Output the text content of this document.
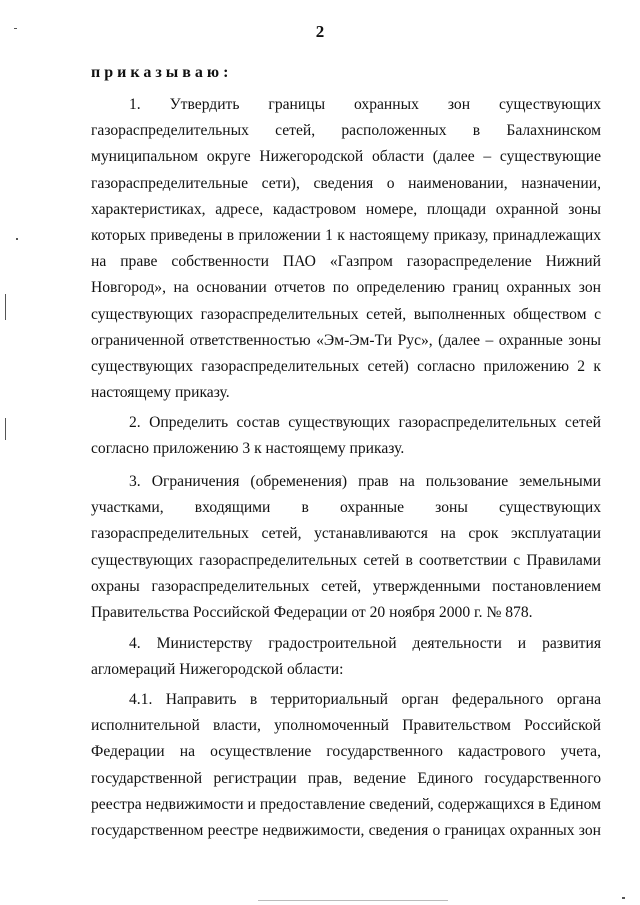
2
приказываю:
1. Утвердить границы охранных зон существующих
газораспределительных сетей, расположенных в Балахнинском
муниципальном округе Нижегородской области (далее – существующие
газораспределительные сети), сведения о наименовании, назначении,
характеристиках, адресе, кадастровом номере, площади охранной зоны
которых приведены в приложении 1 к настоящему приказу, принадлежащих
на праве собственности ПАО «Газпром газораспределение Нижний
Новгород», на основании отчетов по определению границ охранных зон
существующих газораспределительных сетей, выполненных обществом с
ограниченной ответственностью «Эм-Эм-Ти Рус», (далее – охранные зоны
существующих газораспределительных сетей) согласно приложению 2 к
настоящему приказу.
2. Определить состав существующих газораспределительных сетей
согласно приложению 3 к настоящему приказу.
3. Ограничения (обременения) прав на пользование земельными
участками, входящими в охранные зоны существующих
газораспределительных сетей, устанавливаются на срок эксплуатации
существующих газораспределительных сетей в соответствии с Правилами
охраны газораспределительных сетей, утвержденными постановлением
Правительства Российской Федерации от 20 ноября 2000 г. № 878.
4. Министерству градостроительной деятельности и развития
агломераций Нижегородской области:
4.1. Направить в территориальный орган федерального органа
исполнительной власти, уполномоченный Правительством Российской
Федерации на осуществление государственного кадастрового учета,
государственной регистрации прав, ведение Единого государственного
реестра недвижимости и предоставление сведений, содержащихся в Едином
государственном реестре недвижимости, сведения о границах охранных зон
